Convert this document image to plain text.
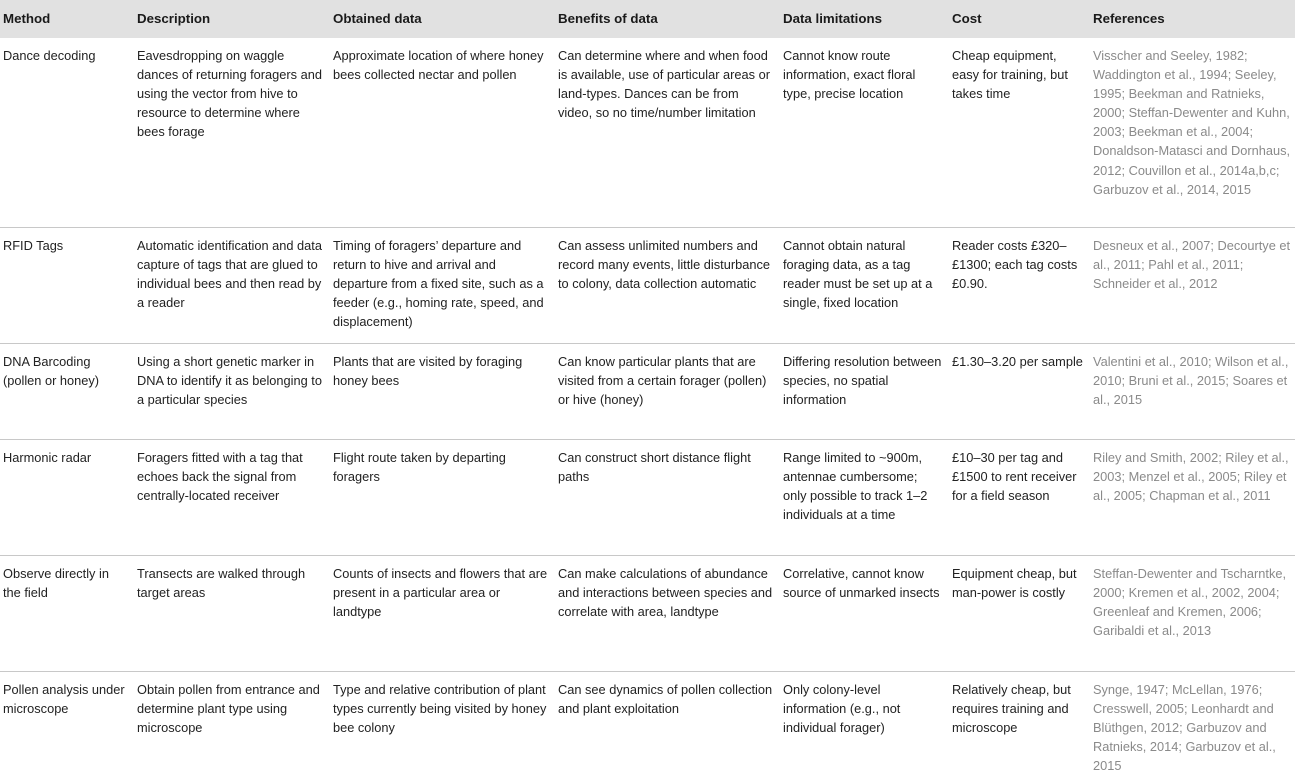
Method	Description	Obtained data	Benefits of data	Data limitations	Cost	References
Dance decoding	Eavesdropping on waggle dances of returning foragers and using the vector from hive to resource to determine where bees forage	Approximate location of where honey bees collected nectar and pollen	Can determine where and when food is available, use of particular areas or land-types. Dances can be from video, so no time/number limitation	Cannot know route information, exact floral type, precise location	Cheap equipment, easy for training, but takes time	Visscher and Seeley, 1982; Waddington et al., 1994; Seeley, 1995; Beekman and Ratnieks, 2000; Steffan-Dewenter and Kuhn, 2003; Beekman et al., 2004; Donaldson-Matasci and Dornhaus, 2012; Couvillon et al., 2014a,b,c; Garbuzov et al., 2014, 2015
RFID Tags	Automatic identification and data capture of tags that are glued to individual bees and then read by a reader	Timing of foragers’ departure and return to hive and arrival and departure from a fixed site, such as a feeder (e.g., homing rate, speed, and displacement)	Can assess unlimited numbers and record many events, little disturbance to colony, data collection automatic	Cannot obtain natural foraging data, as a tag reader must be set up at a single, fixed location	Reader costs £320–£1300; each tag costs £0.90.	Desneux et al., 2007; Decourtye et al., 2011; Pahl et al., 2011; Schneider et al., 2012
DNA Barcoding (pollen or honey)	Using a short genetic marker in DNA to identify it as belonging to a particular species	Plants that are visited by foraging honey bees	Can know particular plants that are visited from a certain forager (pollen) or hive (honey)	Differing resolution between species, no spatial information	£1.30–3.20 per sample	Valentini et al., 2010; Wilson et al., 2010; Bruni et al., 2015; Soares et al., 2015
Harmonic radar	Foragers fitted with a tag that echoes back the signal from centrally-located receiver	Flight route taken by departing foragers	Can construct short distance flight paths	Range limited to ~900m, antennae cumbersome; only possible to track 1–2 individuals at a time	£10–30 per tag and £1500 to rent receiver for a field season	Riley and Smith, 2002; Riley et al., 2003; Menzel et al., 2005; Riley et al., 2005; Chapman et al., 2011
Observe directly in the field	Transects are walked through target areas	Counts of insects and flowers that are present in a particular area or landtype	Can make calculations of abundance and interactions between species and correlate with area, landtype	Correlative, cannot know source of unmarked insects	Equipment cheap, but man-power is costly	Steffan-Dewenter and Tscharntke, 2000; Kremen et al., 2002, 2004; Greenleaf and Kremen, 2006; Garibaldi et al., 2013
Pollen analysis under microscope	Obtain pollen from entrance and determine plant type using microscope	Type and relative contribution of plant types currently being visited by honey bee colony	Can see dynamics of pollen collection and plant exploitation	Only colony-level information (e.g., not individual forager)	Relatively cheap, but requires training and microscope	Synge, 1947; McLellan, 1976; Cresswell, 2005; Leonhardt and Blüthgen, 2012; Garbuzov and Ratnieks, 2014; Garbuzov et al., 2015
